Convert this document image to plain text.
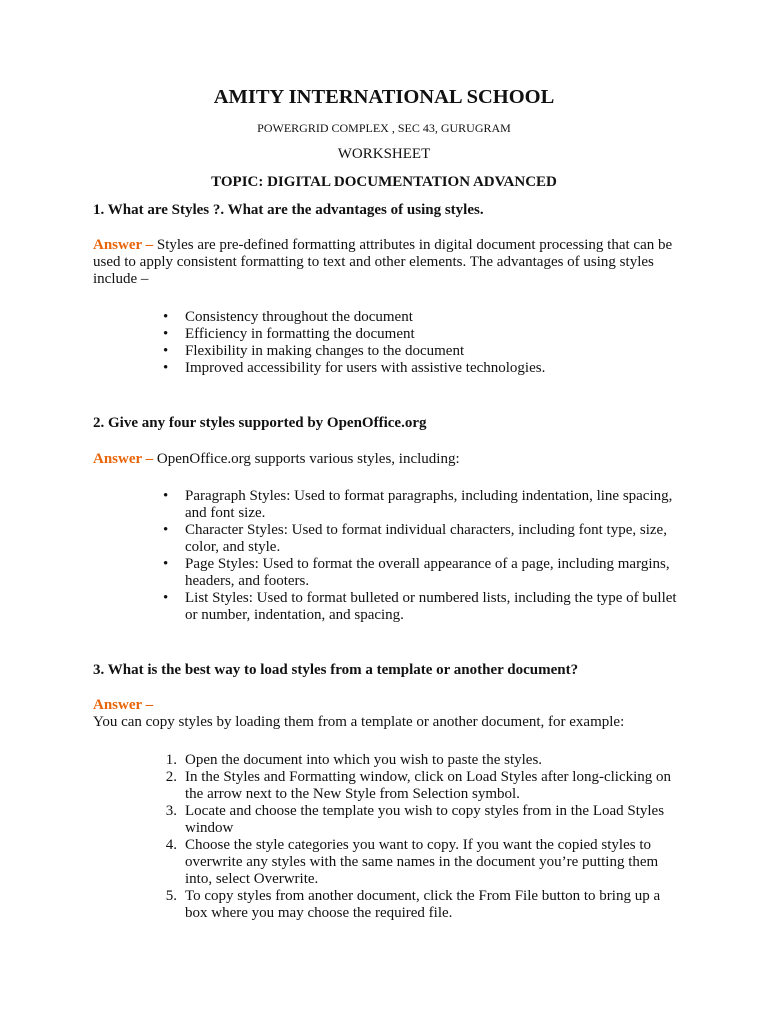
AMITY INTERNATIONAL SCHOOL

POWERGRID COMPLEX , SEC 43, GURUGRAM

WORKSHEET

TOPIC: DIGITAL DOCUMENTATION ADVANCED

1. What are Styles ?. What are the advantages of using styles.

Answer – Styles are pre-defined formatting attributes in digital document processing that can be used to apply consistent formatting to text and other elements. The advantages of using styles include –

• Consistency throughout the document
• Efficiency in formatting the document
• Flexibility in making changes to the document
• Improved accessibility for users with assistive technologies.

2. Give any four styles supported by OpenOffice.org

Answer – OpenOffice.org supports various styles, including:

• Paragraph Styles: Used to format paragraphs, including indentation, line spacing, and font size.
• Character Styles: Used to format individual characters, including font type, size, color, and style.
• Page Styles: Used to format the overall appearance of a page, including margins, headers, and footers.
• List Styles: Used to format bulleted or numbered lists, including the type of bullet or number, indentation, and spacing.

3. What is the best way to load styles from a template or another document?

Answer –
You can copy styles by loading them from a template or another document, for example:

1. Open the document into which you wish to paste the styles.
2. In the Styles and Formatting window, click on Load Styles after long-clicking on the arrow next to the New Style from Selection symbol.
3. Locate and choose the template you wish to copy styles from in the Load Styles window
4. Choose the style categories you want to copy. If you want the copied styles to overwrite any styles with the same names in the document you’re putting them into, select Overwrite.
5. To copy styles from another document, click the From File button to bring up a box where you may choose the required file.
